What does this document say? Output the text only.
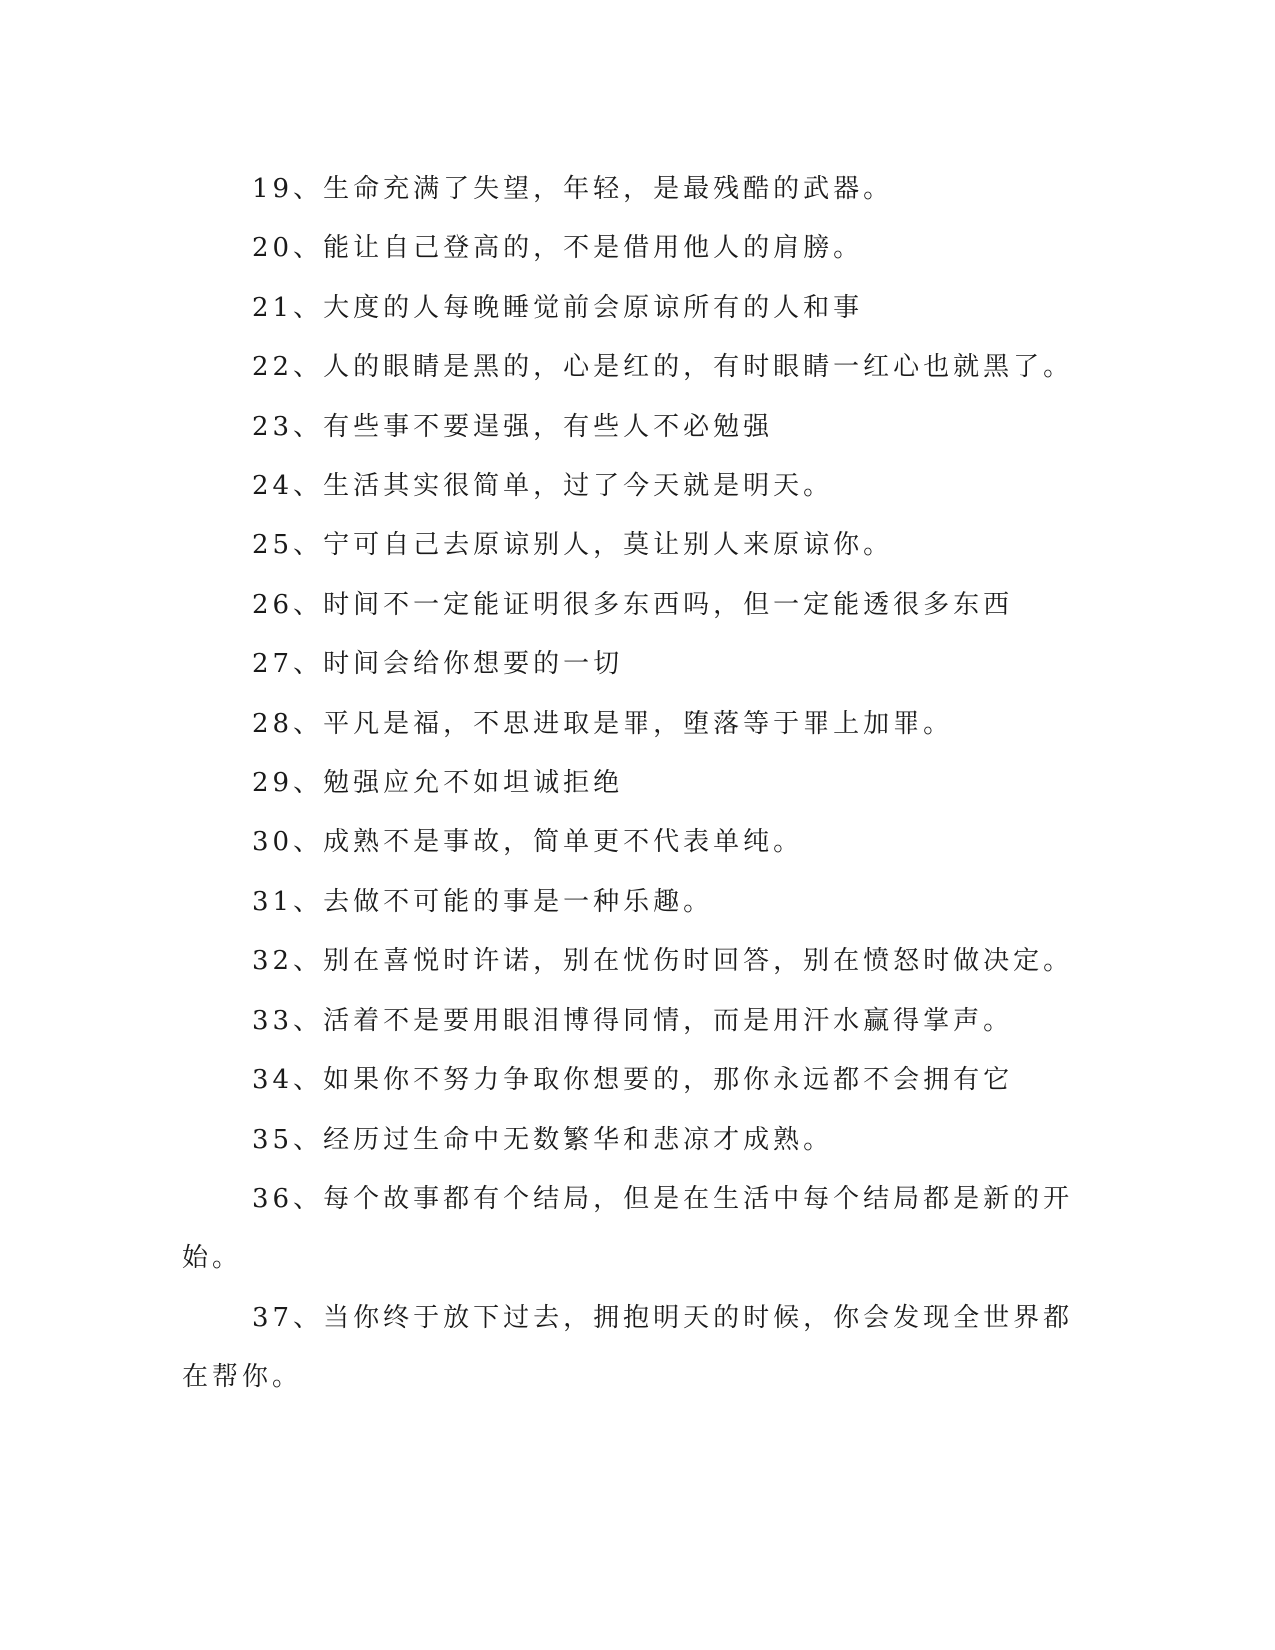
19、生命充满了失望，年轻，是最残酷的武器。

20、能让自己登高的，不是借用他人的肩膀。

21、大度的人每晚睡觉前会原谅所有的人和事

22、人的眼睛是黑的，心是红的，有时眼睛一红心也就黑了。

23、有些事不要逞强，有些人不必勉强

24、生活其实很简单，过了今天就是明天。

25、宁可自己去原谅别人，莫让别人来原谅你。

26、时间不一定能证明很多东西吗，但一定能透很多东西

27、时间会给你想要的一切

28、平凡是福，不思进取是罪，堕落等于罪上加罪。

29、勉强应允不如坦诚拒绝

30、成熟不是事故，简单更不代表单纯。

31、去做不可能的事是一种乐趣。

32、别在喜悦时许诺，别在忧伤时回答，别在愤怒时做决定。

33、活着不是要用眼泪博得同情，而是用汗水赢得掌声。

34、如果你不努力争取你想要的，那你永远都不会拥有它

35、经历过生命中无数繁华和悲凉才成熟。

36、每个故事都有个结局，但是在生活中每个结局都是新的开始。

37、当你终于放下过去，拥抱明天的时候，你会发现全世界都在帮你。
